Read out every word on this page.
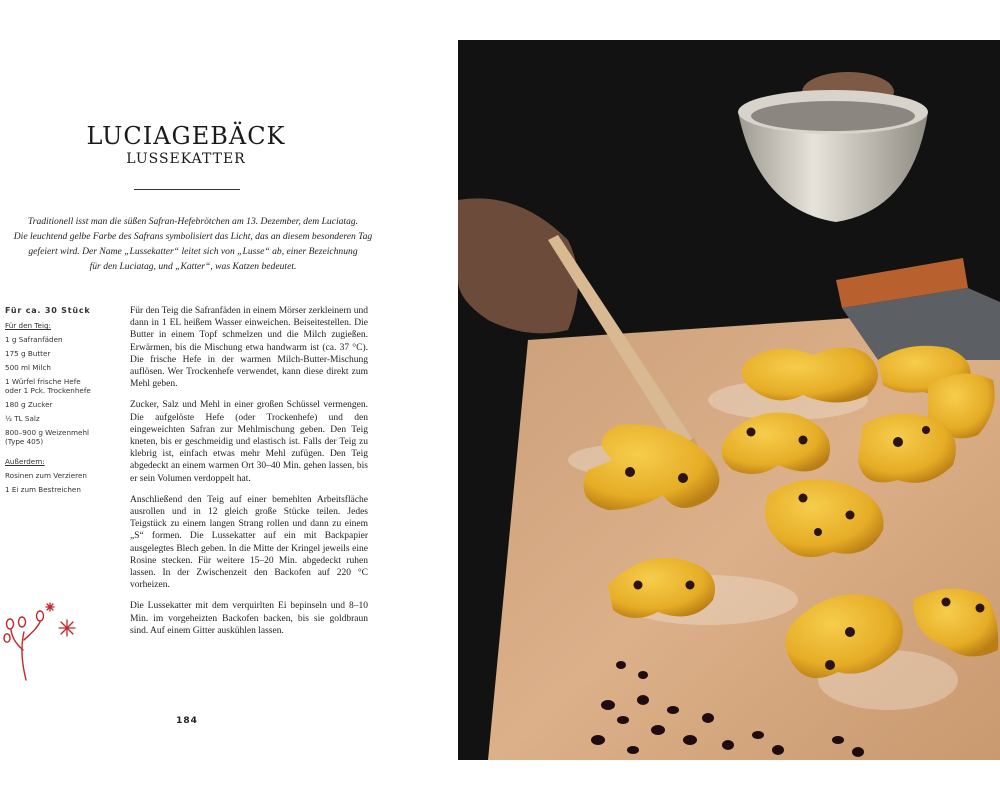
LUCIAGEBÄCK
LUSSEKATTER

Traditionell isst man die süßen Safran-Hefebrötchen am 13. Dezember, dem Luciatag.

Die leuchtend gelbe Farbe des Safrans symbolisiert das Licht, das an diesem besonderen Tag

gefeiert wird. Der Name „Lussekatter“ leitet sich von „Lusse“ ab, einer Bezeichnung

für den Luciatag, und „Katter“, was Katzen bedeutet.

Für ca. 30 Stück
Für den Teig:
1 g Safranfäden
175 g Butter
500 ml Milch
1 Würfel frische Hefe
oder 1 Pck. Trockenhefe
180 g Zucker
½ TL Salz
800–900 g Weizenmehl
(Type 405)
Außerdem:
Rosinen zum Verzieren
1 Ei zum Bestreichen

Für den Teig die Safranfäden in einem Mörser zerkleinern und dann in 1 EL heißem Wasser einweichen. Beiseitestellen. Die Butter in einem Topf schmelzen und die Milch zugießen. Erwärmen, bis die Mischung etwa handwarm ist (ca. 37 °C). Die frische Hefe in der warmen Milch-Butter-Mischung auflösen. Wer Trockenhefe verwendet, kann diese direkt zum Mehl geben.

Zucker, Salz und Mehl in einer großen Schüssel vermengen. Die aufgelöste Hefe (oder Trockenhefe) und den eingeweichten Safran zur Mehlmischung geben. Den Teig kneten, bis er geschmeidig und elastisch ist. Falls der Teig zu klebrig ist, einfach etwas mehr Mehl zufügen. Den Teig abgedeckt an einem warmen Ort 30–40 Min. gehen lassen, bis er sein Volumen verdoppelt hat.

Anschließend den Teig auf einer bemehlten Arbeitsfläche ausrollen und in 12 gleich große Stücke teilen. Jedes Teigstück zu einem langen Strang rollen und dann zu einem „S“ formen. Die Lussekatter auf ein mit Backpapier ausgelegtes Blech geben. In die Mitte der Kringel jeweils eine Rosine stecken. Für weitere 15–20 Min. abgedeckt ruhen lassen. In der Zwischenzeit den Backofen auf 220 °C vorheizen.

Die Lussekatter mit dem verquirlten Ei bepinseln und 8–10 Min. im vorgeheizten Backofen backen, bis sie goldbraun sind. Auf einem Gitter auskühlen lassen.

184
